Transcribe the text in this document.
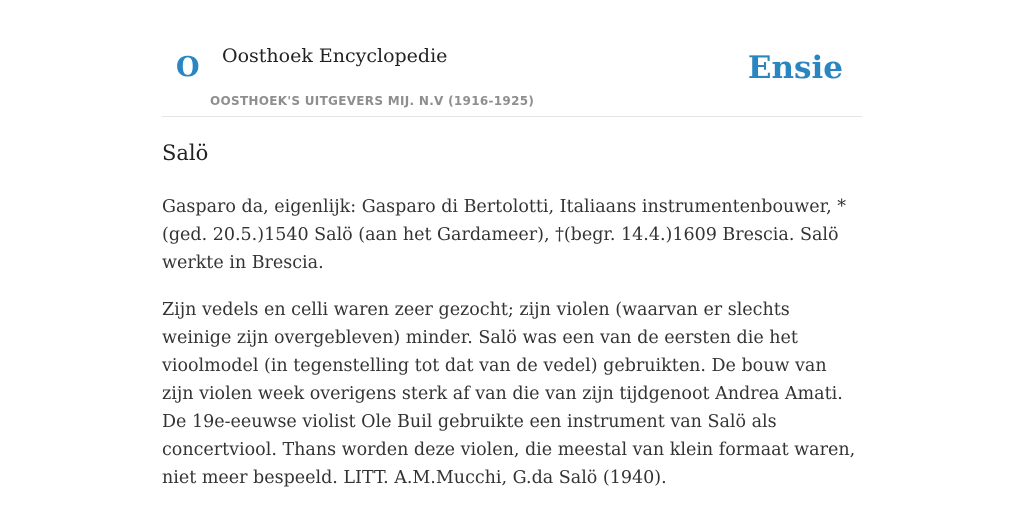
O Oosthoek Encyclopedie
OOSTHOEK'S UITGEVERS MIJ. N.V (1916-1925)
Ensie
Salö

Gasparo da, eigenlijk: Gasparo di Bertolotti, Italiaans instrumentenbouwer, *(ged. 20.5.)1540 Salö (aan het Gardameer), †(begr. 14.4.)1609 Brescia. Salö werkte in Brescia.

Zijn vedels en celli waren zeer gezocht; zijn violen (waarvan er slechts weinige zijn overgebleven) minder. Salö was een van de eersten die het vioolmodel (in tegenstelling tot dat van de vedel) gebruikten. De bouw van zijn violen week overigens sterk af van die van zijn tijdgenoot Andrea Amati. De 19e-eeuwse violist Ole Buil gebruikte een instrument van Salö als concertviool. Thans worden deze violen, die meestal van klein formaat waren, niet meer bespeeld. LITT. A.M.Mucchi, G.da Salö (1940).
